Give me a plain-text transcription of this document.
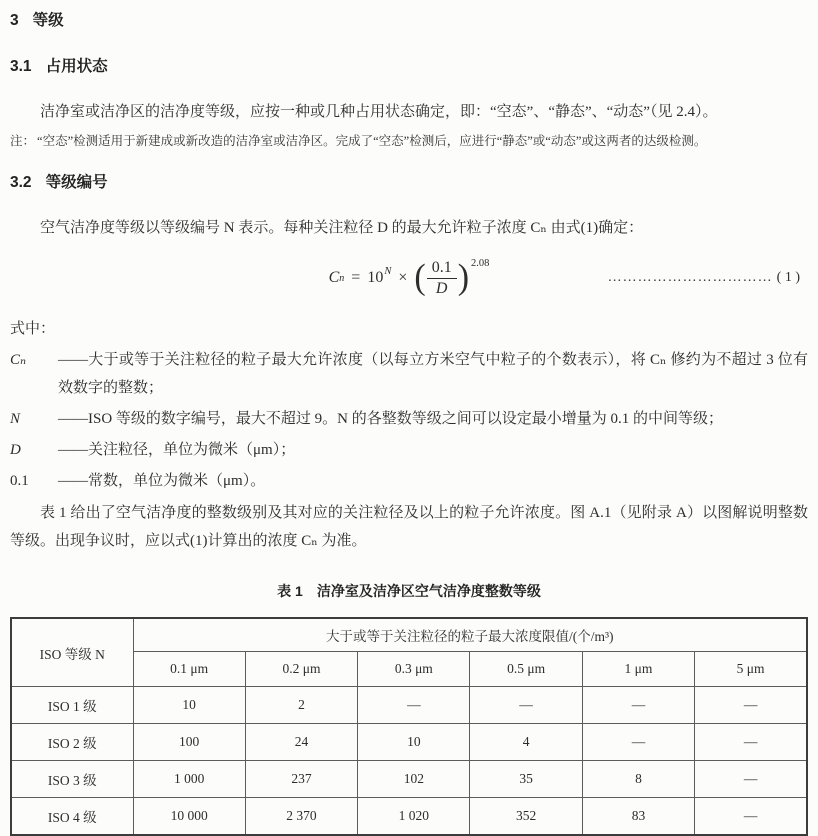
3 等级
3.1 占用状态

洁净室或洁净区的洁净度等级，应按一种或几种占用状态确定，即：“空态”、“静态”、“动态”（见 2.4）。

注： “空态”检测适用于新建成或新改造的洁净室或洁净区。完成了“空态”检测后，应进行“静态”或“动态”或这两者的达级检测。

3.2 等级编号

空气洁净度等级以等级编号 N 表示。每种关注粒径 D 的最大允许粒子浓度 Cₙ 由式(1)确定：

C n = 10 N × ( $\frac{0.1}{D}$ ) 2.08
…………………………… ( 1 )

式中：

Cₙ	——大于或等于关注粒径的粒子最大允许浓度（以每立方米空气中粒子的个数表示），将 Cₙ 修约为不超过 3 位有效数字的整数；
N	——ISO 等级的数字编号，最大不超过 9。N 的各整数等级之间可以设定最小增量为 0.1 的中间等级；
D	——关注粒径，单位为微米（μm）；
0.1	——常数，单位为微米（μm）。

表 1 给出了空气洁净度的整数级别及其对应的关注粒径及以上的粒子允许浓度。图 A.1（见附录 A）以图解说明整数等级。出现争议时，应以式(1)计算出的浓度 Cₙ 为准。

表 1 洁净室及洁净区空气洁净度整数等级
ISO 等级 N	大于或等于关注粒径的粒子最大浓度限值/(个/m³)					
	0.1 μm	0.2 μm	0.3 μm	0.5 μm	1 μm	5 μm
ISO 1 级	10	2	—	—	—	—
ISO 2 级	100	24	10	4	—	—
ISO 3 级	1 000	237	102	35	8	—
ISO 4 级	10 000	2 370	1 020	352	83	—
